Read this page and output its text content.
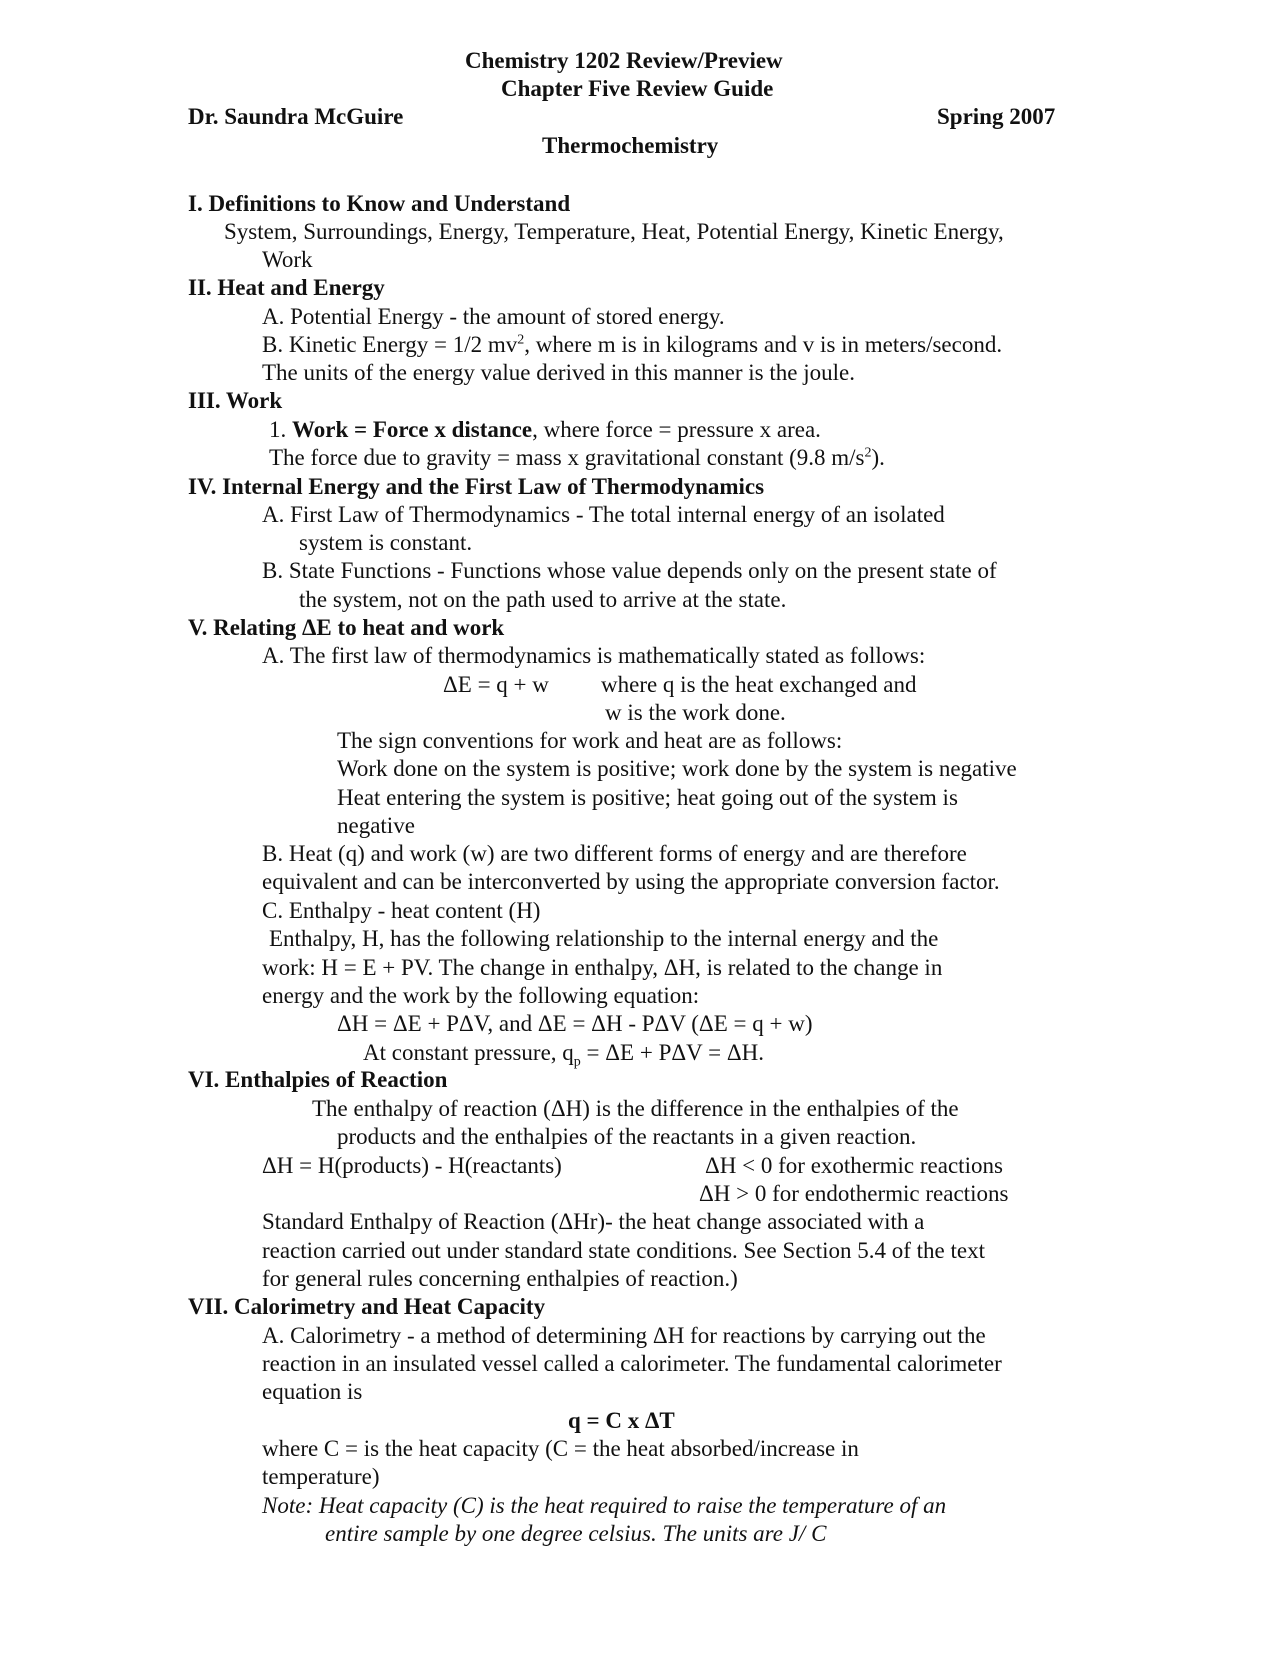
Chemistry 1202 Review/Preview
Chapter Five Review Guide
Dr. Saundra McGuire	Spring 2007
Thermochemistry
I. Definitions to Know and Understand
System, Surroundings, Energy, Temperature, Heat, Potential Energy, Kinetic Energy,
Work
II. Heat and Energy
A. Potential Energy - the amount of stored energy.
B. Kinetic Energy = 1/2 $mv^2$, where m is in kilograms and v is in meters/second.
The units of the energy value derived in this manner is the joule.
III. Work
1. Work = Force x distance, where force = pressure x area.
The force due to gravity = mass x gravitational constant (9.8 $m/s^2$).
IV. Internal Energy and the First Law of Thermodynamics
A. First Law of Thermodynamics - The total internal energy of an isolated
system is constant.
B. State Functions - Functions whose value depends only on the present state of
the system, not on the path used to arrive at the state.
V. Relating ΔE to heat and work
A. The first law of thermodynamics is mathematically stated as follows:
ΔE = q + w where q is the heat exchanged and
w is the work done.
The sign conventions for work and heat are as follows:
Work done on the system is positive; work done by the system is negative
Heat entering the system is positive; heat going out of the system is
negative
B. Heat (q) and work (w) are two different forms of energy and are therefore
equivalent and can be interconverted by using the appropriate conversion factor.
C. Enthalpy - heat content (H)
Enthalpy, H, has the following relationship to the internal energy and the
work: H = E + PV. The change in enthalpy, ΔH, is related to the change in
energy and the work by the following equation:
ΔH = ΔE + PΔV, and ΔE = ΔH - PΔV (ΔE = q + w)
At constant pressure, $q_p = \Delta E + P\Delta V = \Delta H$.
VI. Enthalpies of Reaction
The enthalpy of reaction (ΔH) is the difference in the enthalpies of the
products and the enthalpies of the reactants in a given reaction.
ΔH = H(products) - H(reactants)	ΔH < 0 for exothermic reactions
ΔH > 0 for endothermic reactions
Standard Enthalpy of Reaction (ΔHr)- the heat change associated with a
reaction carried out under standard state conditions. See Section 5.4 of the text
for general rules concerning enthalpies of reaction.)
VII. Calorimetry and Heat Capacity
A. Calorimetry - a method of determining ΔH for reactions by carrying out the
reaction in an insulated vessel called a calorimeter. The fundamental calorimeter
equation is
q = C x ΔT
where C = is the heat capacity (C = the heat absorbed/increase in
temperature)
Note: Heat capacity (C) is the heat required to raise the temperature of an
entire sample by one degree celsius. The units are J/ C
